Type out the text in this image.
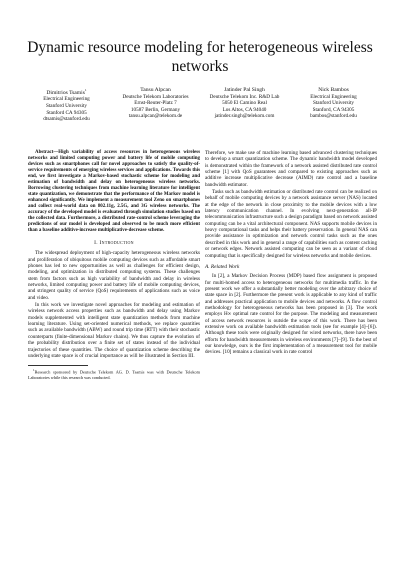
Dynamic resource modeling for heterogeneous wireless networks
Dimitrios Tsamis$^1$
Electrical Engineering
Stanford University
Stanford CA 94305
dtsamis@stanford.edu
Tansu Alpcan
Deutsche Telekom Laboratories
Ernst-Reuter-Platz 7
10587 Berlin, Germany
tansu.alpcan@telekom.de
Jatinder Pal Singh
Deutsche Telekom Inc. R&D Lab
5050 El Camino Real
Los Altos, CA 94040
jatinder.singh@telekom.com
Nick Bambos
Electrical Engineering
Stanford University
Stanford, CA 94305
bambos@stanford.edu

Abstract—High variability of access resources in heterogeneous wireless networks and limited computing power and battery life of mobile computing devices such as smartphones call for novel approaches to satisfy the quality-of-service requirements of emerging wireless services and applications. Towards this end, we first investigate a Markov-based stochastic scheme for modeling and estimation of bandwidth and delay on heterogeneous wireless networks. Borrowing clustering techniques from machine learning literature for intelligent state quantization, we demonstrate that the performance of the Markov model is enhanced significantly. We implement a measurement tool Zeno on smartphones and collect real-world data on 802.11g, 2.5G, and 3G wireless networks. The accuracy of the developed model is evaluated through simulation studies based on the collected data. Furthermore, a distributed rate-control scheme leveraging the predictions of our model is developed and observed to be much more efficient than a baseline additive-increase multiplicative-decrease scheme.

I. Introduction

The widespread deployment of high-capacity heterogeneous wireless networks and proliferation of ubiquitous mobile computing devices such as affordable smart phones has led to new opportunities as well as challenges for efficient design, modeling, and optimization in distributed computing systems. These challenges stem from factors such as high variability of bandwidth and delay in wireless networks, limited computing power and battery life of mobile computing devices, and stringent quality of service (QoS) requirements of applications such as voice and video.

In this work we investigate novel approaches for modeling and estimation of wireless network access properties such as bandwidth and delay using Markov models supplemented with intelligent state quantization methods from machine learning literature. Using set-oriented numerical methods, we replace quantities such as available bandwidth (ABW) and round trip time (RTT) with their stochastic counterparts (finite-dimensional Markov chains). We thus capture the evolution of the probability distribution over a finite set of states instead of the individual trajectories of these quantities. The choice of quantization scheme describing the underlying state space is of crucial importance as will be illustrated in Section III.

$^1$Research sponsored by Deutsche Telekom AG. D. Tsamis was with Deutsche Telekom Laboratories while this research was conducted.

Therefore, we make use of machine learning based advanced clustering techniques to develop a smart quantization scheme. The dynamic bandwidth model developed is demonstrated within the framework of a network assisted distributed rate control scheme [1] with QoS guarantees and compared to existing approaches such as additive increase multiplicative decrease (AIMD) rate control and a baseline bandwidth estimator.

Tasks such as bandwidth estimation or distributed rate control can be realized on behalf of mobile computing devices by a network assistance server (NAS) located at the edge of the network in close proximity to the mobile devices with a low latency communication channel. In evolving next-generation all-IP telecommunication infrastructure such a design paradigm based on network assisted computing can be a vital architectural component. NAS supports mobile devices in heavy computational tasks and helps their battery preservation. In general NAS can provide assistance in optimization and network control tasks such as the ones described in this work and in general a range of capabilities such as content caching or network edges. Network assisted computing can be seen as a variant of cloud computing that is specifically designed for wireless networks and mobile devices.

A. Related Work

In [2], a Markov Decision Process (MDP) based flow assignment is proposed for multi-homed access to heterogeneous networks for multimedia traffic. In the present work we offer a substantially better modeling over the arbitrary choice of state space in [2]. Furthermore the present work is applicable to any kind of traffic and addresses practical application to mobile devices and networks. A flow control methodology for heterogeneous networks has been proposed in [3]. The work employs H∞ optimal rate control for the purpose. The modeling and measurement of access network resources is outside the scope of this work. There has been extensive work on available bandwidth estimation tools (see for example [4]–[6]). Although these tools were originally designed for wired networks, there have been efforts for bandwidth measurements in wireless environments [7]–[9]. To the best of our knowledge, ours is the first implementation of a measurement tool for mobile devices. [10] remains a classical work in rate control
